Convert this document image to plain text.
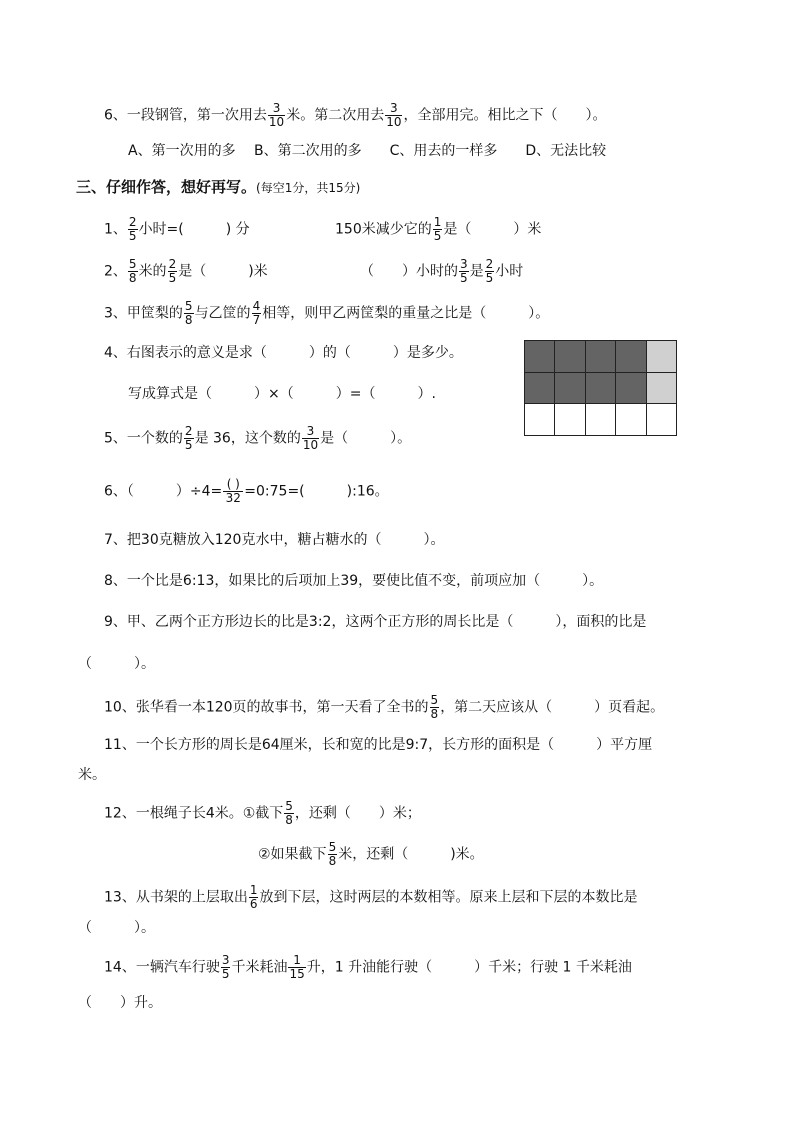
6、一段钢管，第一次用去 $\frac{3}{10}$ 米。第二次用去 $\frac{3}{10}$ ，全部用完。相比之下（　　）。
A、第一次用的多　 B、第二次用的多　　C、用去的一样多　　D、无法比较
三、仔细作答，想好再写。(每空1分，共15分)
1、 $\frac{2}{5}$ 小时=(　　　) 分	150米减少它的 $\frac{1}{5}$ 是（　　　）米
2、 $\frac{5}{8}$ 米的 $\frac{2}{5}$ 是（　　　)米	（　　）小时的 $\frac{3}{5}$ 是 $\frac{2}{5}$ 小时
3、甲筐梨的 $\frac{5}{8}$ 与乙筐的 $\frac{4}{7}$ 相等，则甲乙两筐梨的重量之比是（　　　）。
4、右图表示的意义是求（　　　）的（　　　）是多少。
写成算式是（　　　）×（　　　）=（　　　）.
5、一个数的 $\frac{2}{5}$ 是 36，这个数的 $\frac{3}{10}$ 是（　　　）。
6、（　　　）÷4= ( )
32 =0:75=(　　　):16。
7、把30克糖放入120克水中，糖占糖水的（　　　）。
8、一个比是6:13，如果比的后项加上39，要使比值不变，前项应加（　　　）。
9、甲、乙两个正方形边长的比是3:2，这两个正方形的周长比是（　　　），面积的比是
（　　　）。
10、张华看一本120页的故事书，第一天看了全书的 $\frac{5}{8}$ ，第二天应该从（　　　）页看起。
11、一个长方形的周长是64厘米，长和宽的比是9:7，长方形的面积是（　　　）平方厘
米。
12、一根绳子长4米。①截下 $\frac{5}{8}$ ，还剩（　　）米；
②如果截下 $\frac{5}{8}$ 米，还剩（　　　)米。
13、从书架的上层取出 $\frac{1}{6}$ 放到下层，这时两层的本数相等。原来上层和下层的本数比是
（　　　）。
14、一辆汽车行驶 $\frac{3}{5}$ 千米耗油 $\frac{1}{15}$ 升，1 升油能行驶（　　　）千米；行驶 1 千米耗油
（　　）升。
